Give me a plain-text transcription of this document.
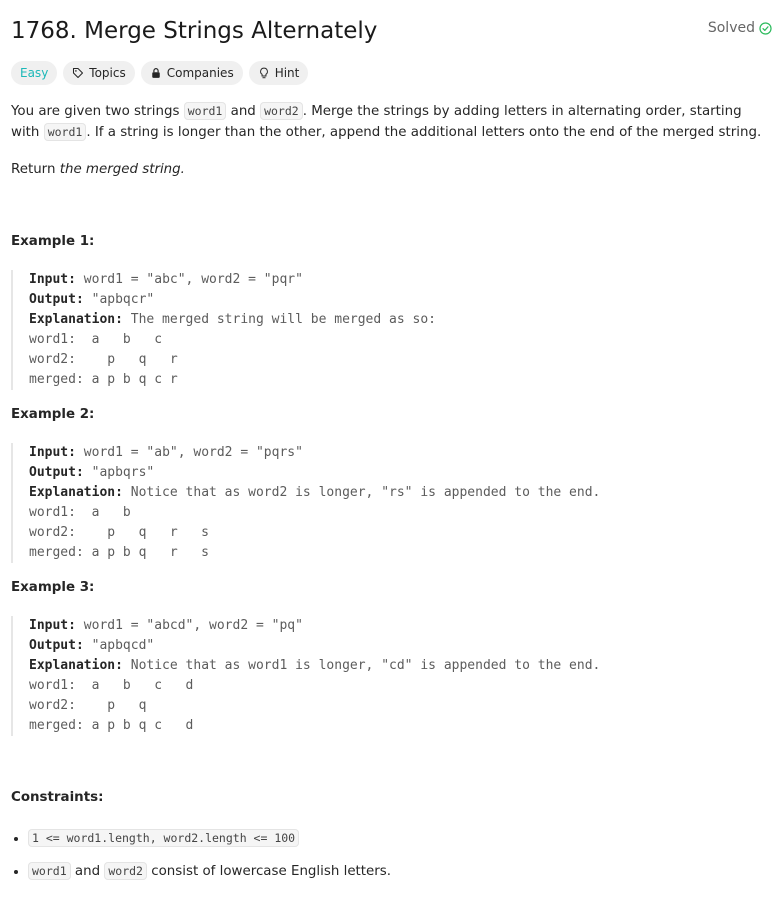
1768. Merge Strings Alternately	Solved
Easy	Topics	Companies	Hint

You are given two strings word1 and word2 . Merge the strings by adding letters in alternating order, starting with word1 . If a string is longer than the other, append the additional letters onto the end of the merged string.

Return the merged string.

Example 1:
Input: word1 = "abc", word2 = "pqr"
Output: "apbqcr"
Explanation: The merged string will be merged as so:
word1:  a   b   c
word2:    p   q   r
merged: a p b q c r
Example 2:
Input: word1 = "ab", word2 = "pqrs"
Output: "apbqrs"
Explanation: Notice that as word2 is longer, "rs" is appended to the end.
word1:  a   b
word2:    p   q   r   s
merged: a p b q   r   s
Example 3:
Input: word1 = "abcd", word2 = "pq"
Output: "apbqcd"
Explanation: Notice that as word1 is longer, "cd" is appended to the end.
word1:  a   b   c   d
word2:    p   q
merged: a p b q c   d
Constraints:
• 1 <= word1.length, word2.length <= 100
• word1 and word2 consist of lowercase English letters.
